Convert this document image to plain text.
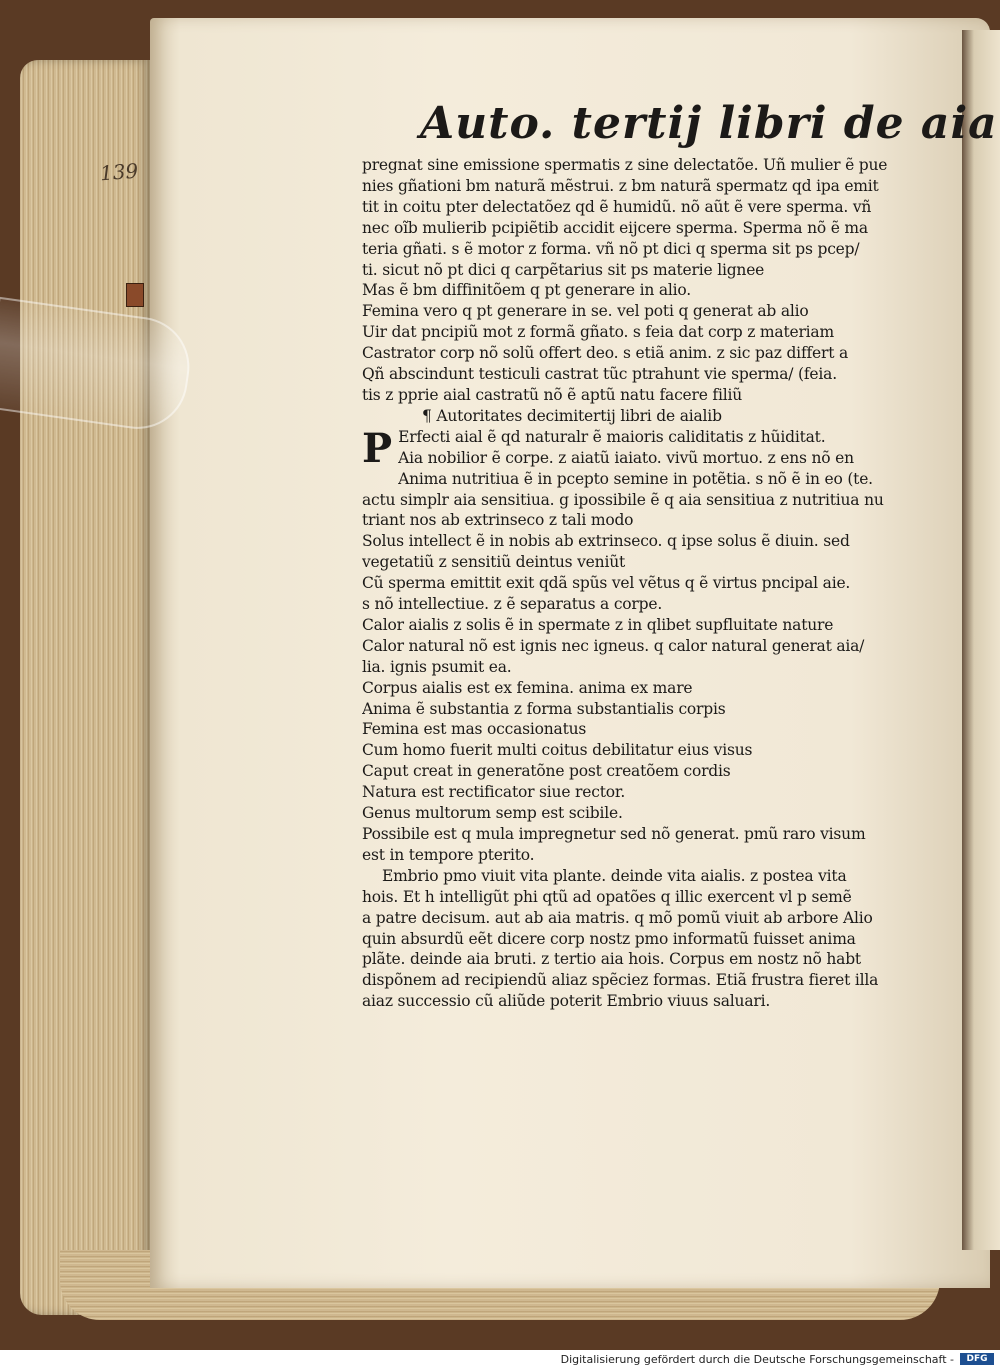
139
Auto. tertij libri de aia
pregnat sine emissione spermatis z sine delectatõe. Uñ mulier ẽ pue
nies gñationi bm naturã mẽstrui. z bm naturã spermatz qd ipa emit
tit in coitu pter delectatõez qd ẽ humidũ. nõ aũt ẽ vere sperma. vñ
nec oĩb mulierib pcipiẽtib accidit eijcere sperma. Sperma nõ ẽ ma
teria gñati. s ẽ motor z forma. vñ nõ pt dici q sperma sit ps pcep/
ti. sicut nõ pt dici q carpẽtarius sit ps materie lignee
Mas ẽ bm diffinitõem q pt generare in alio.
Femina vero q pt generare in se. vel poti q generat ab alio
Uir dat pncipiũ mot z formã gñato. s feia dat corp z materiam
Castrator corp nõ solũ offert deo. s etiã anim. z sic paz differt a
Qñ abscindunt testiculi castrat tũc ptrahunt vie sperma/ (feia.
tis z pprie aial castratũ nõ ẽ aptũ natu facere filiũ
¶ Autoritates decimitertij libri de aialib
P Erfecti aial ẽ qd naturalr ẽ maioris caliditatis z hũiditat.
Aia nobilior ẽ corpe. z aiatũ iaiato. vivũ mortuo. z ens nõ en
Anima nutritiua ẽ in pcepto semine in potẽtia. s nõ ẽ in eo (te.
actu simplr aia sensitiua. g ipossibile ẽ q aia sensitiua z nutritiua nu
triant nos ab extrinseco z tali modo
Solus intellect ẽ in nobis ab extrinseco. q ipse solus ẽ diuin. sed
vegetatiũ z sensitiũ deintus veniũt
Cũ sperma emittit exit qdã spũs vel vẽtus q ẽ virtus pncipal aie.
s nõ intellectiue. z ẽ separatus a corpe.
Calor aialis z solis ẽ in spermate z in qlibet supfluitate nature
Calor natural nõ est ignis nec igneus. q calor natural generat aia/
lia. ignis psumit ea.
Corpus aialis est ex femina. anima ex mare
Anima ẽ substantia z forma substantialis corpis
Femina est mas occasionatus
Cum homo fuerit multi coitus debilitatur eius visus
Caput creat in generatõne post creatõem cordis
Natura est rectificator siue rector.
Genus multorum semp est scibile.
Possibile est q mula impregnetur sed nõ generat. pmũ raro visum
est in tempore pterito.
Embrio pmo viuit vita plante. deinde vita aialis. z postea vita
hois. Et h intelligũt phi qtũ ad opatões q illic exercent vl p semẽ
a patre decisum. aut ab aia matris. q mõ pomũ viuit ab arbore Alio
quin absurdũ eẽt dicere corp nostz pmo informatũ fuisset anima
plãte. deinde aia bruti. z tertio aia hois. Corpus em nostz nõ habt
dispõnem ad recipiendũ aliaz spẽciez formas. Etiã frustra fieret illa
aiaz successio cũ aliũde poterit Embrio viuus saluari.
Digitalisierung gefördert durch die Deutsche Forschungsgemeinschaft -	DFG
